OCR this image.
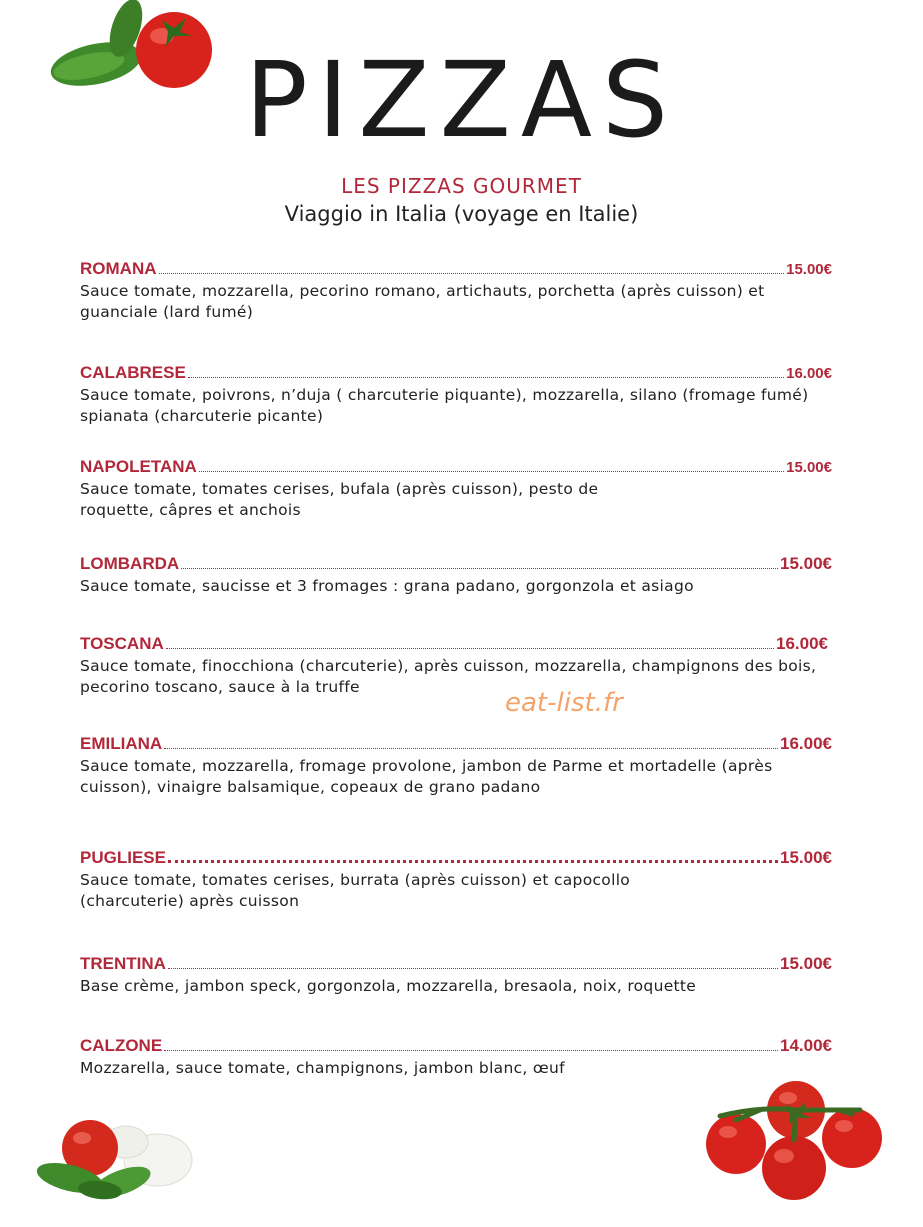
PIZZAS
LES PIZZAS GOURMET
Viaggio in Italia (voyage en Italie)
ROMANA	15.00€
Sauce tomate, mozzarella, pecorino romano, artichauts, porchetta (après cuisson) et guanciale (lard fumé)
CALABRESE	16.00€
Sauce tomate, poivrons, n’duja ( charcuterie piquante), mozzarella, silano (fromage fumé) spianata (charcuterie picante)
NAPOLETANA	15.00€
Sauce tomate, tomates cerises, bufala (après cuisson), pesto de roquette, câpres et anchois
LOMBARDA	15.00€
Sauce tomate, saucisse et 3 fromages : grana padano, gorgonzola et asiago
TOSCANA	16.00€
Sauce tomate, finocchiona (charcuterie), après cuisson, mozzarella, champignons des bois, pecorino toscano, sauce à la truffe
eat-list.fr
EMILIANA	16.00€
Sauce tomate, mozzarella, fromage provolone, jambon de Parme et mortadelle (après cuisson), vinaigre balsamique, copeaux de grano padano
PUGLIESE	15.00€
Sauce tomate, tomates cerises, burrata (après cuisson) et capocollo (charcuterie) après cuisson
TRENTINA	15.00€
Base crème, jambon speck, gorgonzola, mozzarella, bresaola, noix, roquette
CALZONE	14.00€
Mozzarella, sauce tomate, champignons, jambon blanc, œuf
